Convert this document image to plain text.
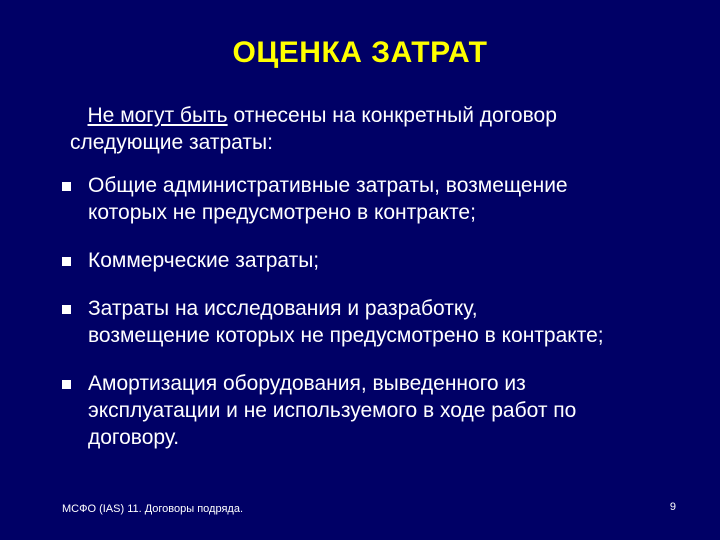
ОЦЕНКА ЗАТРАТ
Не могут быть отнесены на конкретный договор
следующие затраты:
Общие административные затраты, возмещение
которых не предусмотрено в контракте;
Коммерческие затраты;
Затраты на исследования и разработку,
возмещение которых не предусмотрено в контракте;
Амортизация оборудования, выведенного из
эксплуатации и не используемого в ходе работ по
договору.
МСФО (IAS) 11. Договоры подряда.	9
